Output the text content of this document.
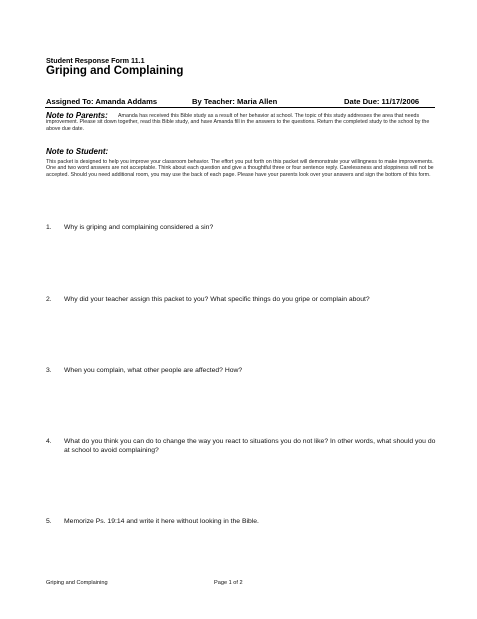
Student Response Form 11.1
Griping and Complaining
Assigned To: Amanda Addams	By Teacher: Maria Allen	Date Due: 11/17/2006
Note to Parents:	Amanda has received this Bible study as a result of her behavior at school. The topic of this study addresses the area that needs improvement. Please sit down together, read this Bible study, and have Amanda fill in the answers to the questions. Return the completed study to the school by the above due date.
Note to Student:
This packet is designed to help you improve your classroom behavior. The effort you put forth on this packet will demonstrate your willingness to make improvements. One and two word answers are not acceptable. Think about each question and give a thoughtful three or four sentence reply. Carelessness and sloppiness will not be accepted. Should you need additional room, you may use the back of each page. Please have your parents look over your answers and sign the bottom of this form.
1. Why is griping and complaining considered a sin?
2. Why did your teacher assign this packet to you? What specific things do you gripe or complain about?
3. When you complain, what other people are affected? How?
4. What do you think you can do to change the way you react to situations you do not like? In other words, what should you do at school to avoid complaining?
5. Memorize Ps. 19:14 and write it here without looking in the Bible.
Griping and Complaining	Page 1 of 2
